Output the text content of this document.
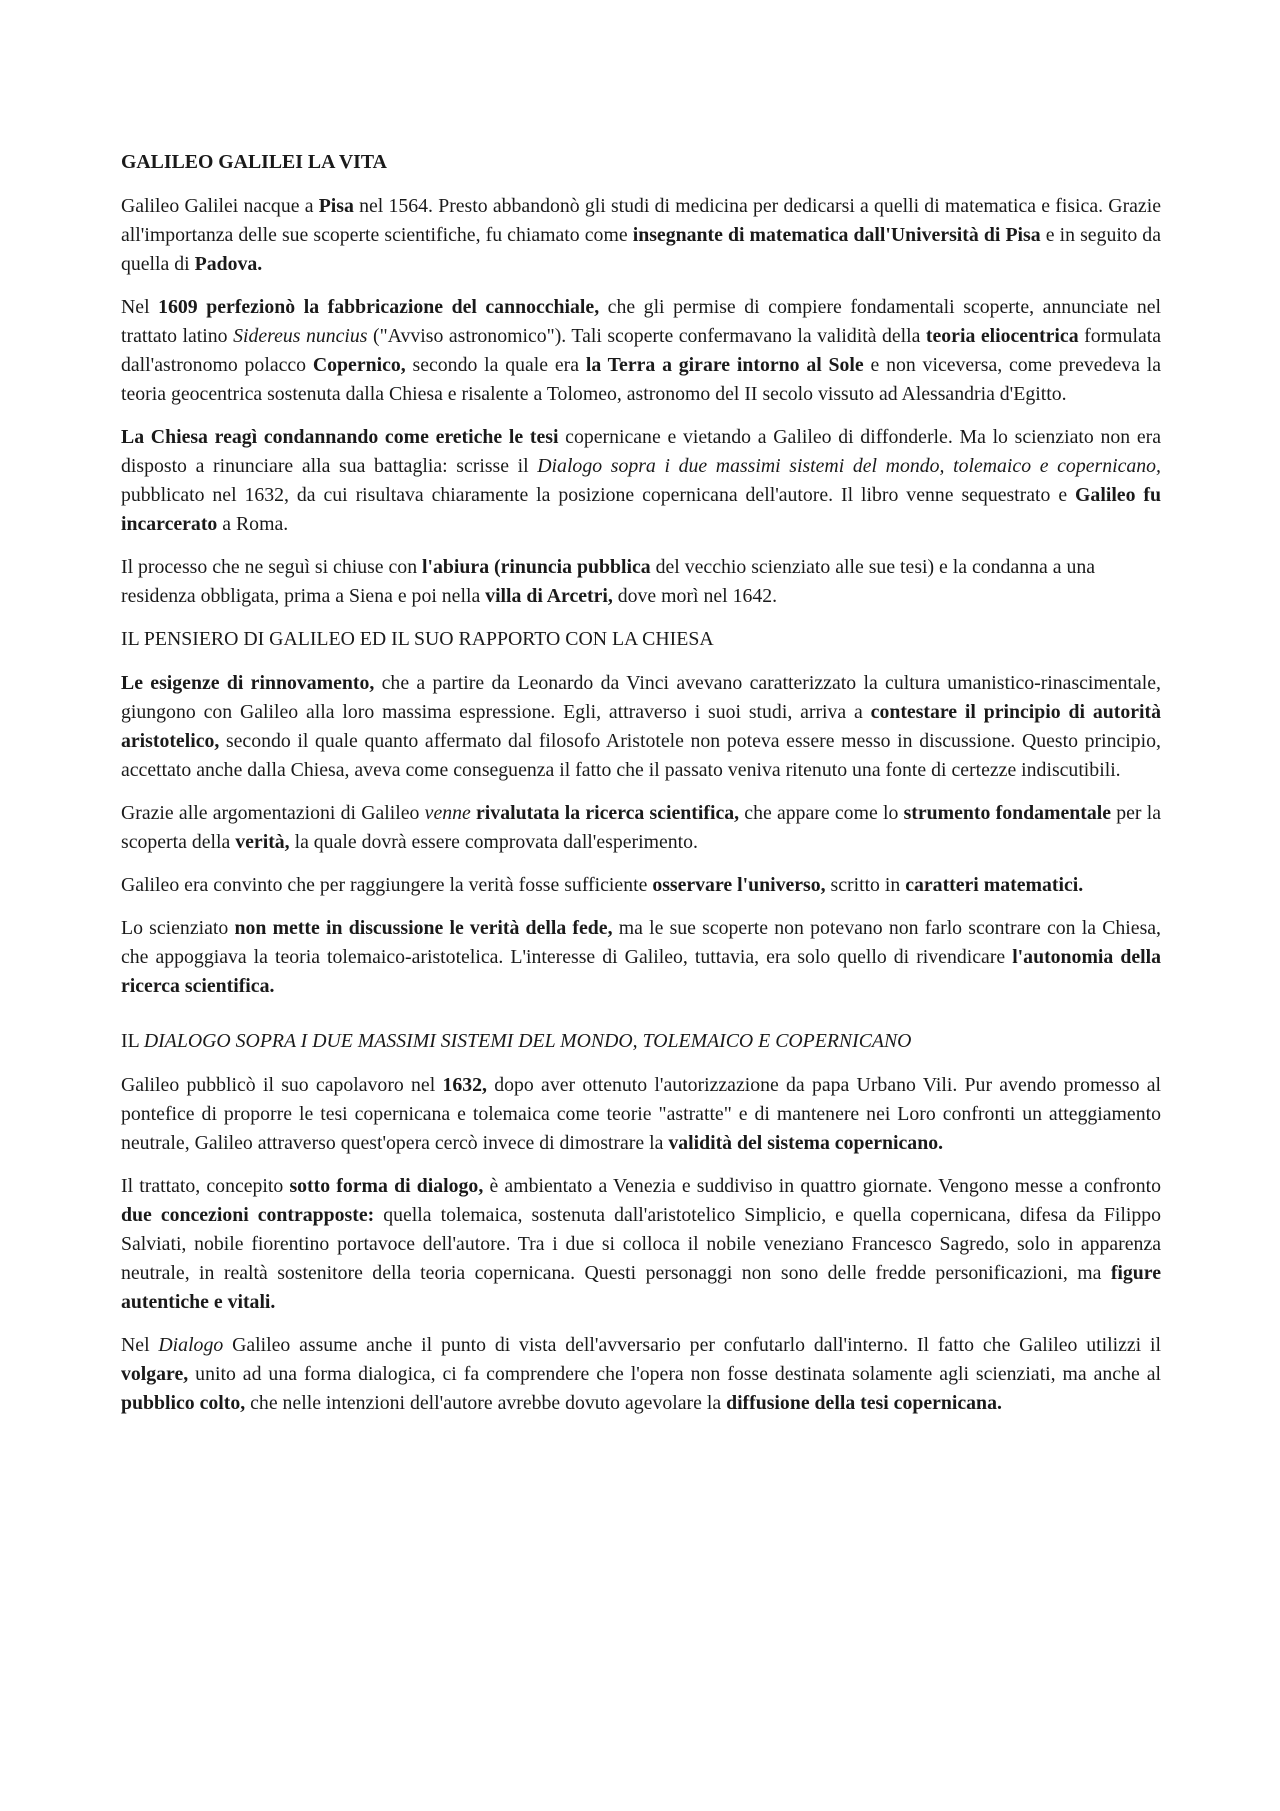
GALILEO GALILEI LA VITA

Galileo Galilei nacque a Pisa nel 1564. Presto abbandonò gli studi di medicina per dedicarsi a quelli di matematica e fisica. Grazie all'importanza delle sue scoperte scientifiche, fu chiamato come insegnante di matematica dall'Università di Pisa e in seguito da quella di Padova.

Nel 1609 perfezionò la fabbricazione del cannocchiale, che gli permise di compiere fondamentali scoperte, annunciate nel trattato latino Sidereus nuncius ("Avviso astronomico"). Tali scoperte confermavano la validità della teoria eliocentrica formulata dall'astronomo polacco Copernico, secondo la quale era la Terra a girare intorno al Sole e non viceversa, come prevedeva la teoria geocentrica sostenuta dalla Chiesa e risalente a Tolomeo, astronomo del II secolo vissuto ad Alessandria d'Egitto.

La Chiesa reagì condannando come eretiche le tesi copernicane e vietando a Galileo di diffonderle. Ma lo scienziato non era disposto a rinunciare alla sua battaglia: scrisse il Dialogo sopra i due massimi sistemi del mondo, tolemaico e copernicano, pubblicato nel 1632, da cui risultava chiaramente la posizione copernicana dell'autore. Il libro venne sequestrato e Galileo fu incarcerato a Roma.

Il processo che ne seguì si chiuse con l'abiura (rinuncia pubblica del vecchio scienziato alle sue tesi) e la condanna a una residenza obbligata, prima a Siena e poi nella villa di Arcetri, dove morì nel 1642.

IL PENSIERO DI GALILEO ED IL SUO RAPPORTO CON LA CHIESA

Le esigenze di rinnovamento, che a partire da Leonardo da Vinci avevano caratterizzato la cultura umanistico-rinascimentale, giungono con Galileo alla loro massima espressione. Egli, attraverso i suoi studi, arriva a contestare il principio di autorità aristotelico, secondo il quale quanto affermato dal filosofo Aristotele non poteva essere messo in discussione. Questo principio, accettato anche dalla Chiesa, aveva come conseguenza il fatto che il passato veniva ritenuto una fonte di certezze indiscutibili.

Grazie alle argomentazioni di Galileo venne rivalutata la ricerca scientifica, che appare come lo strumento fondamentale per la scoperta della verità, la quale dovrà essere comprovata dall'esperimento.

Galileo era convinto che per raggiungere la verità fosse sufficiente osservare l'universo, scritto in caratteri matematici.

Lo scienziato non mette in discussione le verità della fede, ma le sue scoperte non potevano non farlo scontrare con la Chiesa, che appoggiava la teoria tolemaico-aristotelica. L'interesse di Galileo, tuttavia, era solo quello di rivendicare l'autonomia della ricerca scientifica.

IL DIALOGO SOPRA I DUE MASSIMI SISTEMI DEL MONDO, TOLEMAICO E COPERNICANO

Galileo pubblicò il suo capolavoro nel 1632, dopo aver ottenuto l'autorizzazione da papa Urbano Vili. Pur avendo promesso al pontefice di proporre le tesi copernicana e tolemaica come teorie "astratte" e di mantenere nei Loro confronti un atteggiamento neutrale, Galileo attraverso quest'opera cercò invece di dimostrare la validità del sistema copernicano.

Il trattato, concepito sotto forma di dialogo, è ambientato a Venezia e suddiviso in quattro giornate. Vengono messe a confronto due concezioni contrapposte: quella tolemaica, sostenuta dall'aristotelico Simplicio, e quella copernicana, difesa da Filippo Salviati, nobile fiorentino portavoce dell'autore. Tra i due si colloca il nobile veneziano Francesco Sagredo, solo in apparenza neutrale, in realtà sostenitore della teoria copernicana. Questi personaggi non sono delle fredde personificazioni, ma figure autentiche e vitali.

Nel Dialogo Galileo assume anche il punto di vista dell'avversario per confutarlo dall'interno. Il fatto che Galileo utilizzi il volgare, unito ad una forma dialogica, ci fa comprendere che l'opera non fosse destinata solamente agli scienziati, ma anche al pubblico colto, che nelle intenzioni dell'autore avrebbe dovuto agevolare la diffusione della tesi copernicana.
